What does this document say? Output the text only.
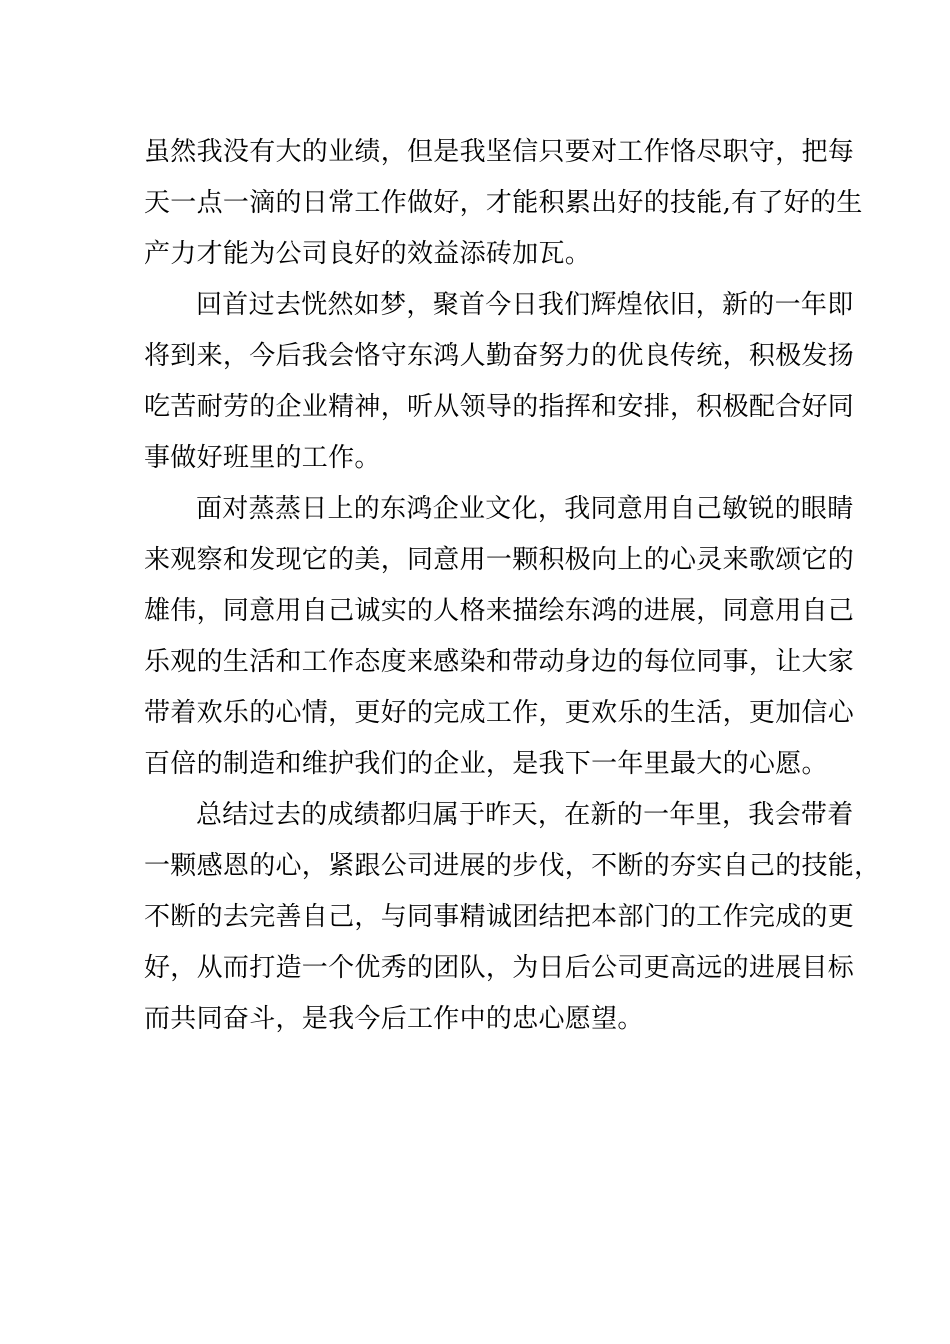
虽然我没有大的业绩，但是我坚信只要对工作恪尽职守，把每
天一点一滴的日常工作做好，才能积累出好的技能,有了好的生
产力才能为公司良好的效益添砖加瓦。
回首过去恍然如梦，聚首今日我们辉煌依旧，新的一年即
将到来，今后我会恪守东鸿人勤奋努力的优良传统，积极发扬
吃苦耐劳的企业精神，听从领导的指挥和安排，积极配合好同
事做好班里的工作。
面对蒸蒸日上的东鸿企业文化，我同意用自己敏锐的眼睛
来观察和发现它的美，同意用一颗积极向上的心灵来歌颂它的
雄伟，同意用自己诚实的人格来描绘东鸿的进展，同意用自己
乐观的生活和工作态度来感染和带动身边的每位同事，让大家
带着欢乐的心情，更好的完成工作，更欢乐的生活，更加信心
百倍的制造和维护我们的企业，是我下一年里最大的心愿。
总结过去的成绩都归属于昨天，在新的一年里，我会带着
一颗感恩的心，紧跟公司进展的步伐，不断的夯实自己的技能，
不断的去完善自己，与同事精诚团结把本部门的工作完成的更
好，从而打造一个优秀的团队，为日后公司更高远的进展目标
而共同奋斗，是我今后工作中的忠心愿望。
